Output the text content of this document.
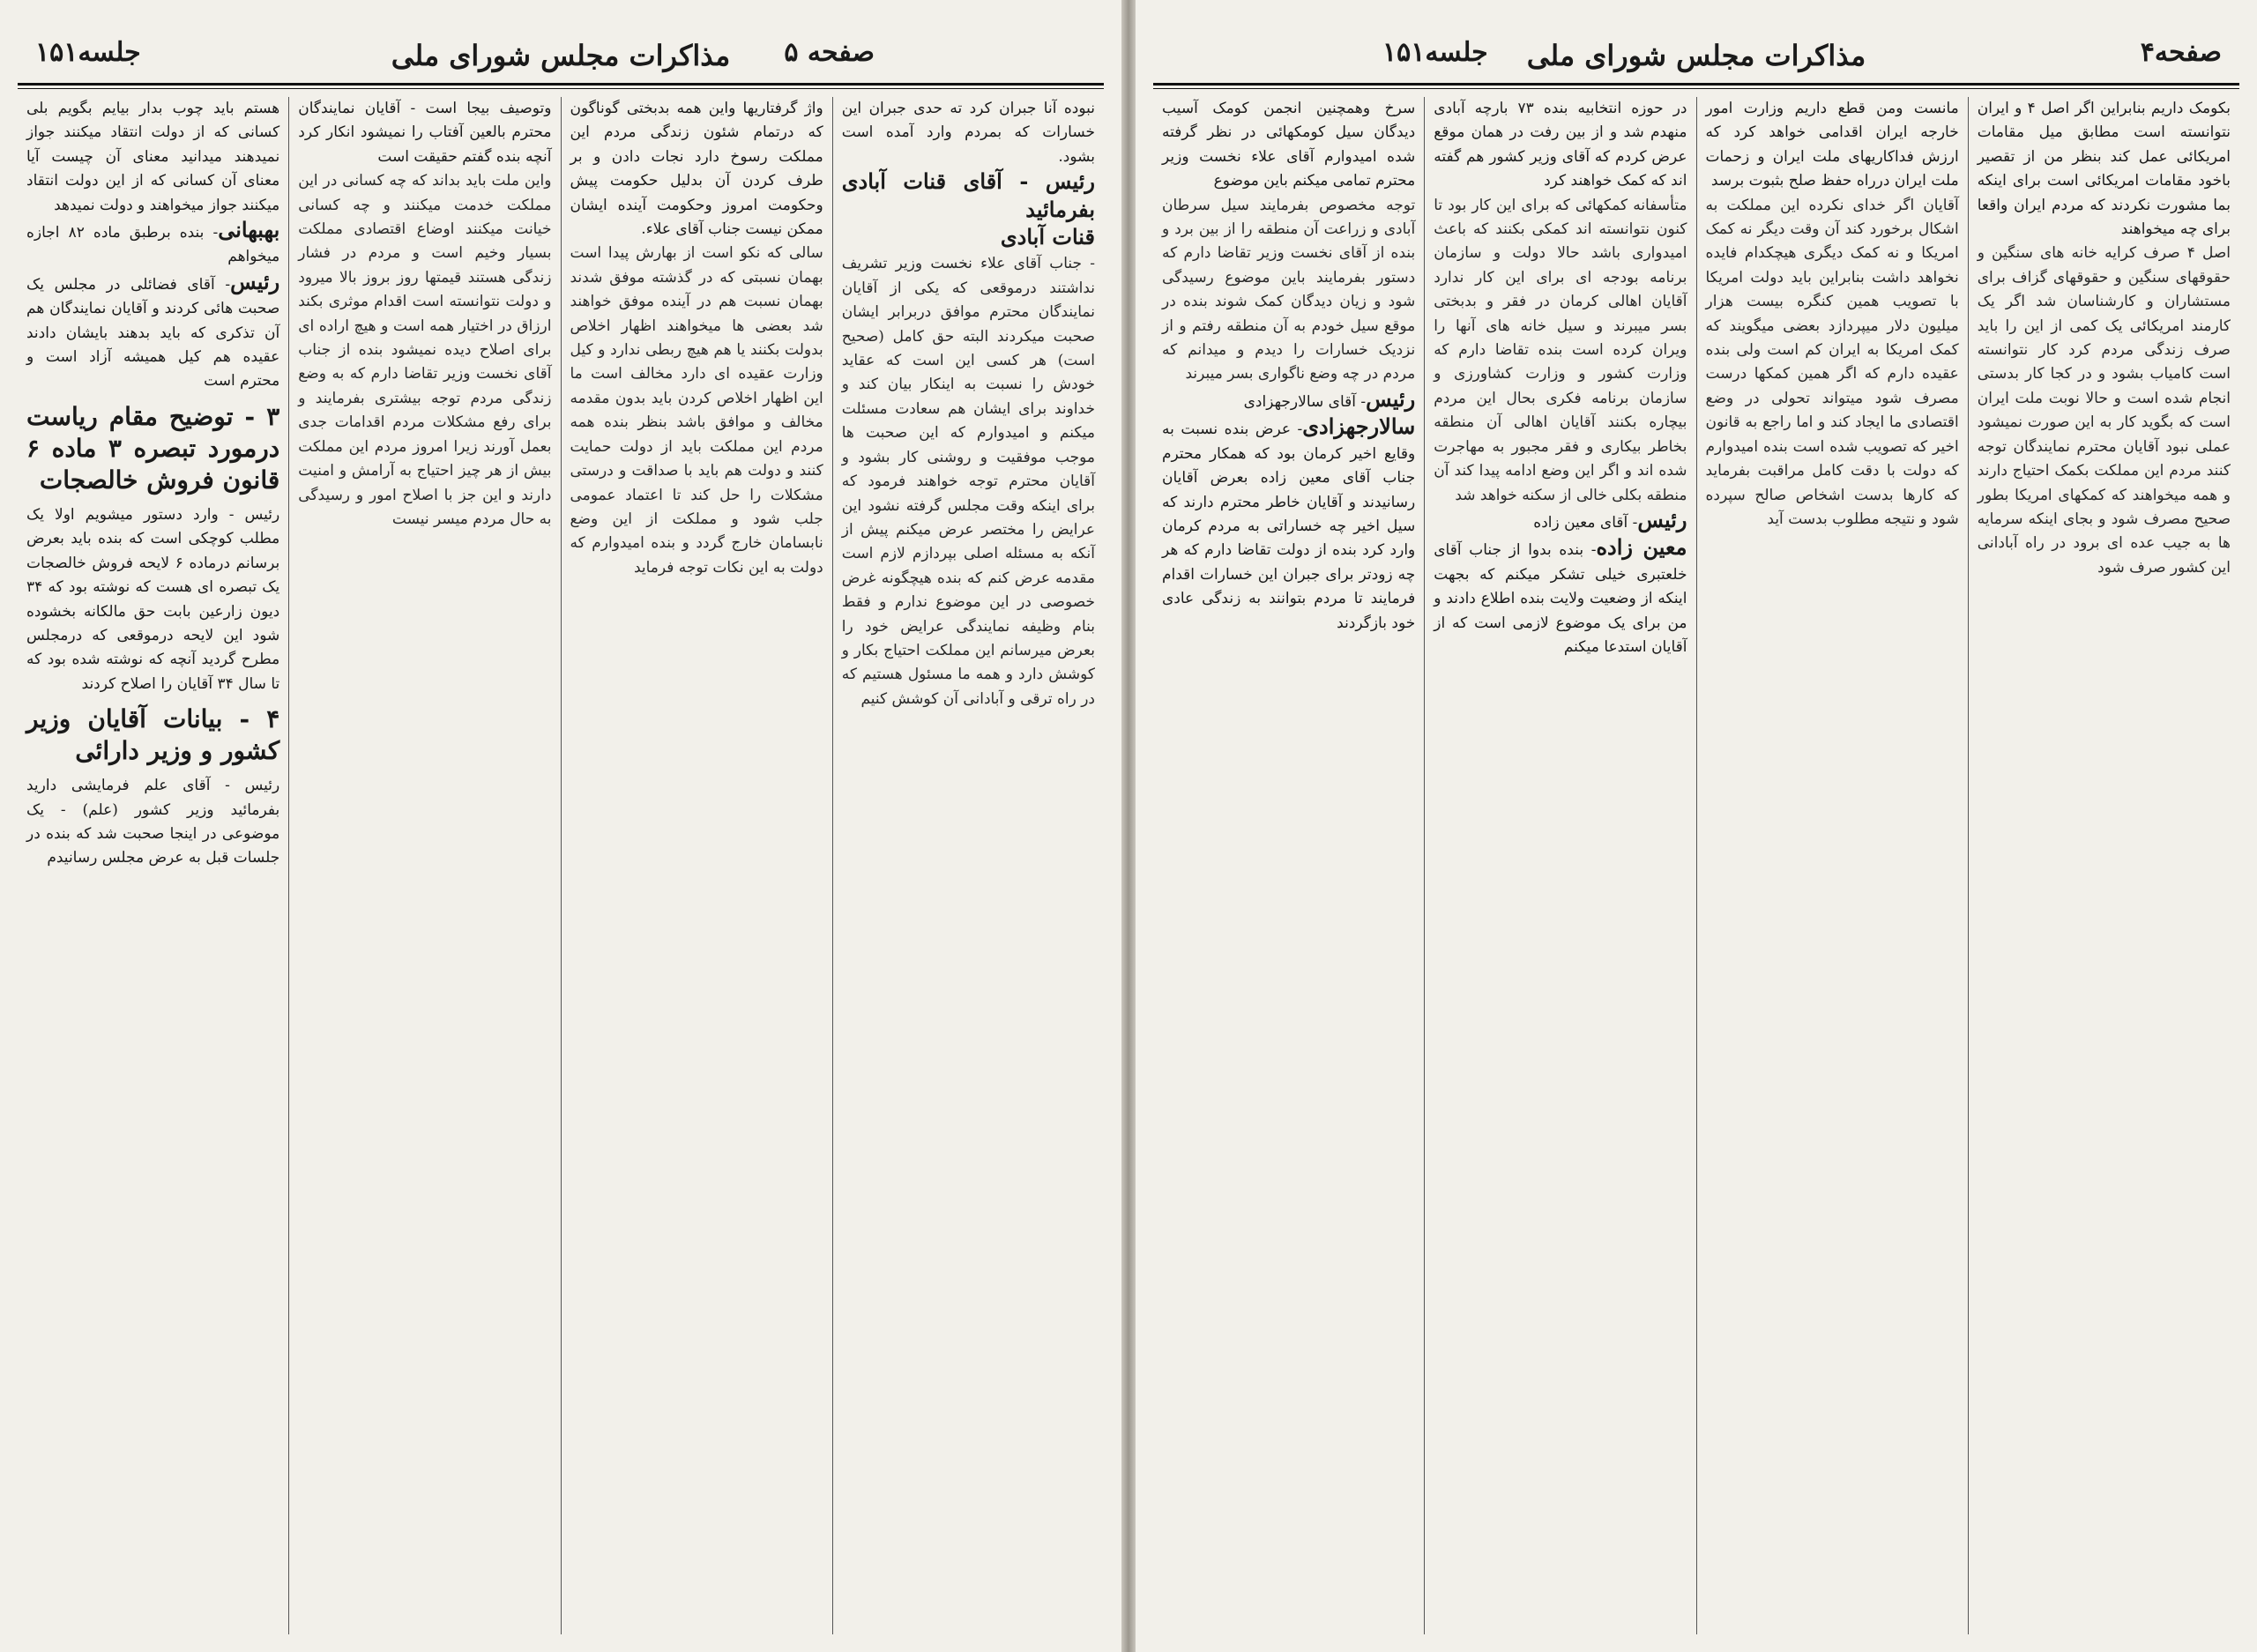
صفحه ۵
مذاکرات مجلس شورای ملی
جلسه۱۵۱

نبوده آنا جبران کرد ته حدی جبران این خسارات که بمردم وارد آمده است بشود.

رئیس - آقای قنات آبادی بفرمائید

قنات آبادی

- جناب آقای علاء نخست وزیر تشریف نداشتند درموقعی که یکی از آقایان نمایندگان محترم موافق دربرابر ایشان صحبت میکردند البته حق کامل (صحیح است) هر کسی این است که عقاید خودش را نسبت به اینکار بیان کند و خداوند برای ایشان هم سعادت مسئلت میکنم و امیدوارم که این صحبت ها موجب موفقیت و روشنی کار بشود و آقایان محترم توجه خواهند فرمود که برای اینکه وقت مجلس گرفته نشود این عرایض را مختصر عرض میکنم پیش از آنکه به مسئله اصلی بپردازم لازم است مقدمه عرض کنم که بنده هیچگونه غرض خصوصی در این موضوع ندارم و فقط بنام وظیفه نمایندگی عرایض خود را بعرض میرسانم این مملکت احتیاج بکار و کوشش دارد و همه ما مسئول هستیم که در راه ترقی و آبادانی آن کوشش کنیم

واژ گرفتاریها واین همه بدبختی گوناگون که درتمام شئون زندگی مردم این مملکت رسوخ دارد نجات دادن و بر طرف کردن آن بدلیل حکومت پیش وحکومت امروز وحکومت آینده ایشان ممکن نیست جناب آقای علاء.

سالی که نکو است از بهارش پیدا است بهمان نسبتی که در گذشته موفق شدند بهمان نسبت هم در آینده موفق خواهند شد بعضی ها میخواهند اظهار اخلاص بدولت بکنند یا هم هیچ ربطی ندارد و کیل وزارت عقیده ای دارد مخالف است ما این اظهار اخلاص کردن باید بدون مقدمه مخالف و موافق باشد بنظر بنده همه مردم این مملکت باید از دولت حمایت کنند و دولت هم باید با صداقت و درستی مشکلات را حل کند تا اعتماد عمومی جلب شود و مملکت از این وضع نابسامان خارج گردد و بنده امیدوارم که دولت به این نکات توجه فرماید

وتوصیف بیجا است - آقایان نمایندگان محترم بالعین آفتاب را نمیشود انکار کرد آنچه بنده گفتم حقیقت است

واین ملت باید بداند که چه کسانی در این مملکت خدمت میکنند و چه کسانی خیانت میکنند اوضاع اقتصادی مملکت بسیار وخیم است و مردم در فشار زندگی هستند قیمتها روز بروز بالا میرود و دولت نتوانسته است اقدام موثری بکند ارزاق در اختیار همه است و هیچ اراده ای برای اصلاح دیده نمیشود بنده از جناب آقای نخست وزیر تقاضا دارم که به وضع زندگی مردم توجه بیشتری بفرمایند و برای رفع مشکلات مردم اقدامات جدی بعمل آورند زیرا امروز مردم این مملکت بیش از هر چیز احتیاج به آرامش و امنیت دارند و این جز با اصلاح امور و رسیدگی به حال مردم میسر نیست

هستم باید چوب بدار بیایم بگویم بلی کسانی که از دولت انتقاد میکنند جواز نمیدهند میدانید معنای آن چیست آیا معنای آن کسانی که از این دولت انتقاد میکنند جواز میخواهند و دولت نمیدهد

بهبهانی- بنده برطبق ماده ۸۲ اجازه میخواهم

رئیس- آقای فضائلی در مجلس یک صحبت هائی کردند و آقایان نمایندگان هم آن تذکری که باید بدهند بایشان دادند عقیده هم کیل همیشه آزاد است و محترم است

۳ - توضیح مقام ریاست درمورد تبصره ۳ ماده ۶ قانون فروش خالصجات

رئیس - وارد دستور میشویم اولا یک مطلب کوچکی است که بنده باید بعرض برسانم درماده ۶ لایحه فروش خالصجات یک تبصره ای هست که نوشته بود که ۳۴ دیون زارعین بابت حق مالکانه بخشوده شود این لایحه درموقعی که درمجلس مطرح گردید آنچه که نوشته شده بود که تا سال ۳۴ آقایان را اصلاح کردند

۴ - بیانات آقایان وزیر کشور و وزیر دارائی

رئیس - آقای علم فرمایشی دارید بفرمائید وزیر کشور (علم) - یک موضوعی در اینجا صحبت شد که بنده در جلسات قبل به عرض مجلس رسانیدم

صفحه۴
مذاکرات مجلس شورای ملی
جلسه۱۵۱

بکومک داریم بنابراین اگر اصل ۴ و ایران نتوانسته است مطابق میل مقامات امریکائی عمل کند بنظر من از تقصیر باخود مقامات امریکائی است برای اینکه بما مشورت نکردند که مردم ایران واقعا برای چه میخواهند

اصل ۴ صرف کرایه خانه های سنگین و حقوقهای سنگین و حقوقهای گزاف برای مستشاران و کارشناسان شد اگر یک کارمند امریکائی یک کمی از این را باید صرف زندگی مردم کرد کار نتوانسته است کامیاب بشود و در کجا کار بدستی انجام شده است و حالا نوبت ملت ایران است که بگوید کار به این صورت نمیشود عملی نبود آقایان محترم نمایندگان توجه کنند مردم این مملکت بکمک احتیاج دارند و همه میخواهند که کمکهای امریکا بطور صحیح مصرف شود و بجای اینکه سرمایه ها به جیب عده ای برود در راه آبادانی این کشور صرف شود

مانست ومن قطع داریم وزارت امور خارجه ایران اقدامی خواهد کرد که ارزش فداکاریهای ملت ایران و زحمات ملت ایران درراه حفظ صلح بثبوت برسد

آقایان اگر خدای نکرده این مملکت به اشکال برخورد کند آن وقت دیگر نه کمک امریکا و نه کمک دیگری هیچکدام فایده نخواهد داشت بنابراین باید دولت امریکا با تصویب همین کنگره بیست هزار میلیون دلار میپردازد بعضی میگویند که کمک امریکا به ایران کم است ولی بنده عقیده دارم که اگر همین کمکها درست مصرف شود میتواند تحولی در وضع اقتصادی ما ایجاد کند و اما راجع به قانون اخیر که تصویب شده است بنده امیدوارم که دولت با دقت کامل مراقبت بفرماید که کارها بدست اشخاص صالح سپرده شود و نتیجه مطلوب بدست آید

در حوزه انتخابیه بنده ۷۳ بارچه آبادی منهدم شد و از بین رفت در همان موقع عرض کردم که آقای وزیر کشور هم گفته اند که کمک خواهند کرد

متأسفانه کمکهائی که برای این کار بود تا کنون نتوانسته اند کمکی بکنند که باعث امیدواری باشد حالا دولت و سازمان برنامه بودجه ای برای این کار ندارد آقایان اهالی کرمان در فقر و بدبختی بسر میبرند و سیل خانه های آنها را ویران کرده است بنده تقاضا دارم که وزارت کشور و وزارت کشاورزی و سازمان برنامه فکری بحال این مردم بیچاره بکنند آقایان اهالی آن منطقه بخاطر بیکاری و فقر مجبور به مهاجرت شده اند و اگر این وضع ادامه پیدا کند آن منطقه بکلی خالی از سکنه خواهد شد

رئیس- آقای معین زاده

معین زاده- بنده بدوا از جناب آقای خلعتبری خیلی تشکر میکنم که بجهت اینکه از وضعیت ولایت بنده اطلاع دادند و من برای یک موضوع لازمی است که از آقایان استدعا میکنم

سرخ وهمچنین انجمن کومک آسیب دیدگان سیل کومکهائی در نظر گرفته شده امیدوارم آقای علاء نخست وزیر محترم تمامی میکنم باین موضوع

توجه مخصوص بفرمایند سیل سرطان آبادی و زراعت آن منطقه را از بین برد و بنده از آقای نخست وزیر تقاضا دارم که دستور بفرمایند باین موضوع رسیدگی شود و زیان دیدگان کمک شوند بنده در موقع سیل خودم به آن منطقه رفتم و از نزدیک خسارات را دیدم و میدانم که مردم در چه وضع ناگواری بسر میبرند

رئیس- آقای سالارجهزادی

سالارجهزادی- عرض بنده نسبت به وقایع اخیر کرمان بود که همکار محترم جناب آقای معین زاده بعرض آقایان رسانیدند و آقایان خاطر محترم دارند که سیل اخیر چه خساراتی به مردم کرمان وارد کرد بنده از دولت تقاضا دارم که هر چه زودتر برای جبران این خسارات اقدام فرمایند تا مردم بتوانند به زندگی عادی خود بازگردند
